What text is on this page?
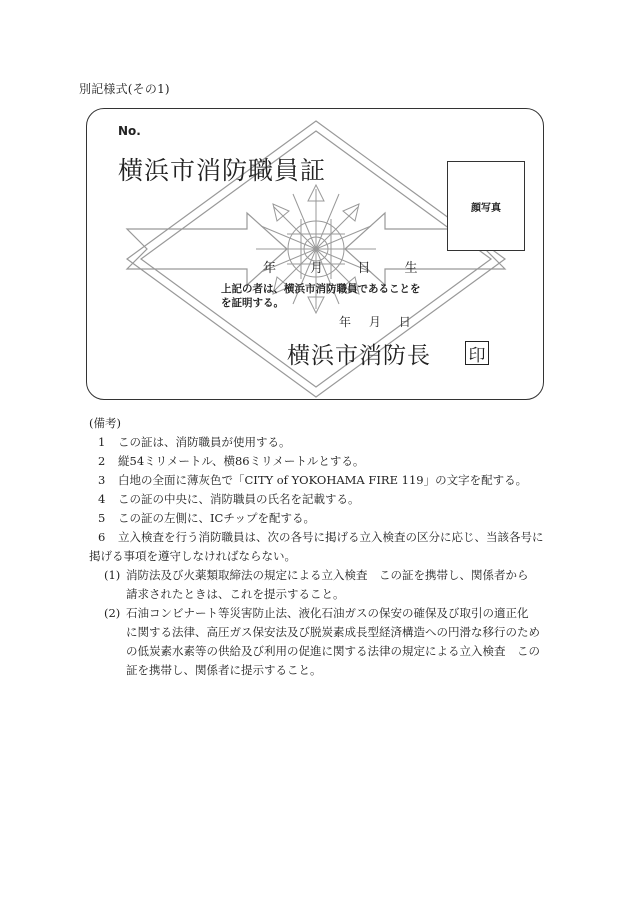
別記様式(その1)
No.
横浜市消防職員証
顔写真
年	月	日	生
上記の者は、横浜市消防職員であることを
を証明する。
年 月 日
横浜市消防長 印
(備考)
1 この証は、消防職員が使用する。
2 縦54ミリメートル、横86ミリメートルとする。
3 白地の全面に薄灰色で「CITY of YOKOHAMA FIRE 119」の文字を配する。
4 この証の中央に、消防職員の氏名を記載する。
5 この証の左側に、ICチップを配する。
6 立入検査を行う消防職員は、次の各号に掲げる立入検査の区分に応じ、当該各号に
掲げる事項を遵守しなければならない。
(1) 消防法及び火薬類取締法の規定による立入検査　この証を携帯し、関係者から
請求されたときは、これを提示すること。
(2) 石油コンビナート等災害防止法、液化石油ガスの保安の確保及び取引の適正化
に関する法律、高圧ガス保安法及び脱炭素成長型経済構造への円滑な移行のため
の低炭素水素等の供給及び利用の促進に関する法律の規定による立入検査　この
証を携帯し、関係者に提示すること。
